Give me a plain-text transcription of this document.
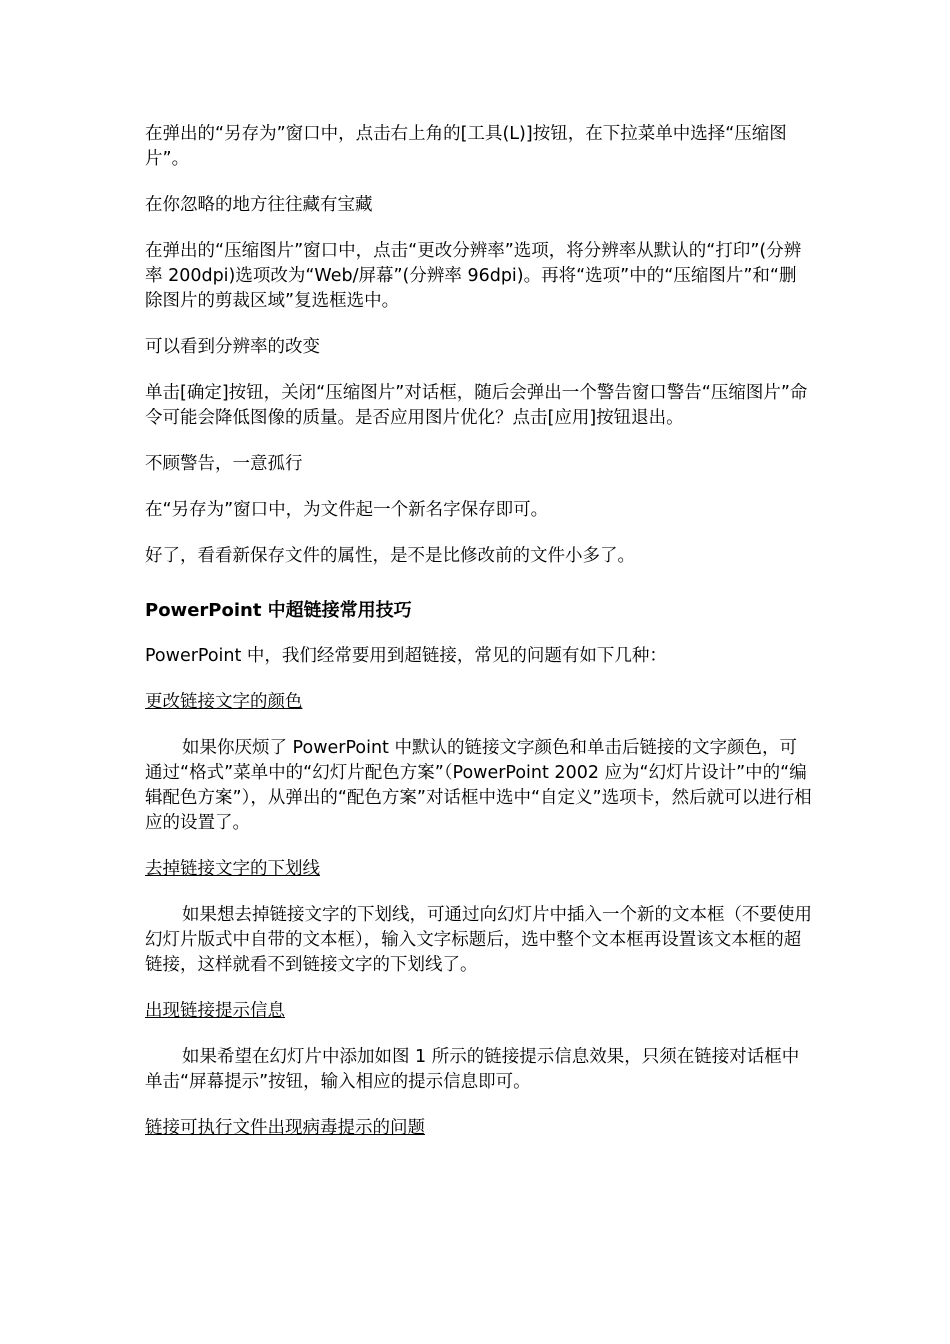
在弹出的“另存为”窗口中，点击右上角的[工具(L)]按钮，在下拉菜单中选择“压缩图片”。

在你忽略的地方往往藏有宝藏

在弹出的“压缩图片”窗口中，点击“更改分辨率”选项，将分辨率从默认的“打印”(分辨率 200dpi)选项改为“Web/屏幕”(分辨率 96dpi)。再将“选项”中的“压缩图片”和“删除图片的剪裁区域”复选框选中。

可以看到分辨率的改变

单击[确定]按钮，关闭“压缩图片”对话框，随后会弹出一个警告窗口警告“压缩图片”命令可能会降低图像的质量。是否应用图片优化？点击[应用]按钮退出。

不顾警告，一意孤行

在“另存为”窗口中，为文件起一个新名字保存即可。

好了，看看新保存文件的属性，是不是比修改前的文件小多了。

PowerPoint 中超链接常用技巧

PowerPoint 中，我们经常要用到超链接，常见的问题有如下几种：

更改链接文字的颜色

如果你厌烦了 PowerPoint 中默认的链接文字颜色和单击后链接的文字颜色，可通过“格式”菜单中的“幻灯片配色方案”（PowerPoint 2002 应为“幻灯片设计”中的“编辑配色方案”），从弹出的“配色方案”对话框中选中“自定义”选项卡，然后就可以进行相应的设置了。

去掉链接文字的下划线

如果想去掉链接文字的下划线，可通过向幻灯片中插入一个新的文本框（不要使用幻灯片版式中自带的文本框），输入文字标题后，选中整个文本框再设置该文本框的超链接，这样就看不到链接文字的下划线了。

出现链接提示信息

如果希望在幻灯片中添加如图 1 所示的链接提示信息效果，只须在链接对话框中单击“屏幕提示”按钮，输入相应的提示信息即可。

链接可执行文件出现病毒提示的问题
